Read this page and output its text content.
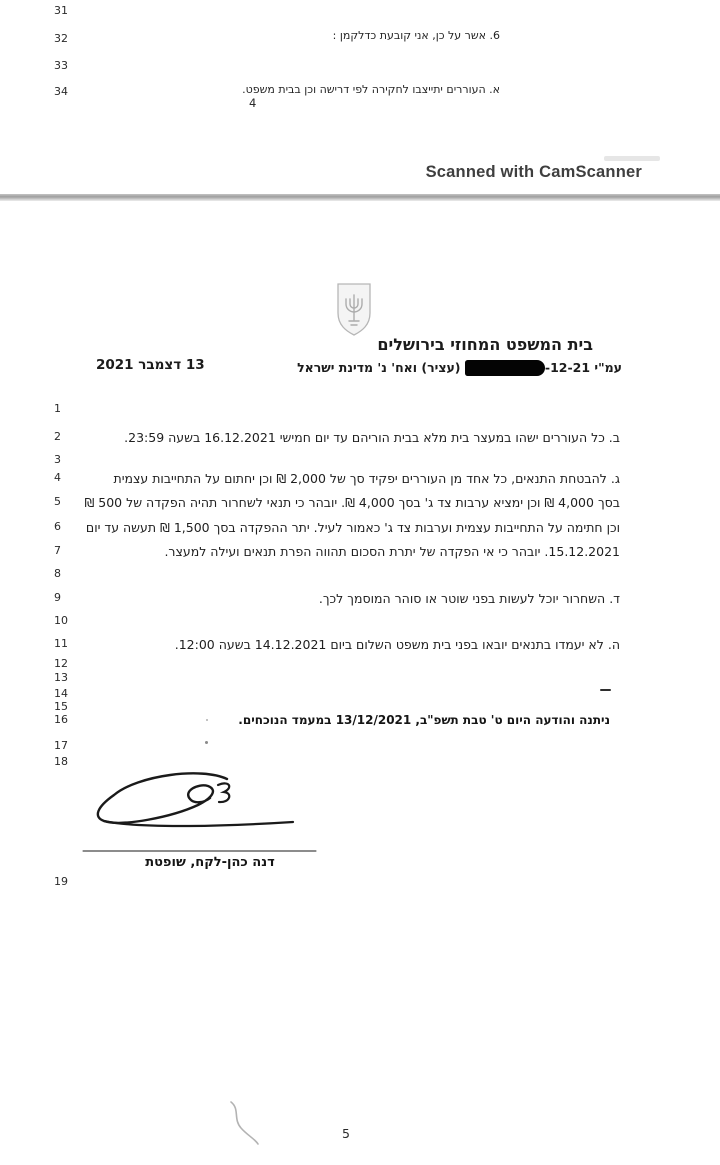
31
32
33
34
6. אשר על כן, אני קובעת כדלקמן :
א. העוררים יתייצבו לחקירה לפי דרישה וכן בבית משפט.
4
Scanned with CamScanner
בית המשפט המחוזי בירושלים
עמ"י -12-21 (עציר) ואח' נ' מדינת ישראל
13 דצמבר 2021
1
2
3
4
5
6
7
8
9
10
11
12
13
14
15
16
17
18
19
ב. כל העוררים ישהו במעצר בית מלא בבית הוריהם עד יום חמישי 16.12.2021 בשעה 23:59.
ג. להבטחת התנאים, כל אחד מן העוררים יפקיד סך של 2,000 ₪ וכן יחתום על התחייבות עצמית
בסך 4,000 ₪ וכן ימציא ערבות צד ג' בסך 4,000 ₪. יובהר כי תנאי לשחרור תהיה הפקדה של 500 ₪
וכן חתימה על התחייבות עצמית וערבות צד ג' כאמור לעיל. יתר ההפקדה בסך 1,500 ₪ תעשה עד יום
15.12.2021. יובהר כי אי הפקדה של יתרת הסכום תהווה הפרת תנאים ועילה למעצר.
ד. השחרור יוכל לעשות בפני שוטר או סוהר המוסמך לכך.
ה. לא יעמדו בתנאים יובאו בפני בית משפט השלום ביום 14.12.2021 בשעה 12:00.
ניתנה והודעה היום ט' טבת תשפ"ב, 13/12/2021 במעמד הנוכחים.
דנה כהן-לקח, שופטת
5
